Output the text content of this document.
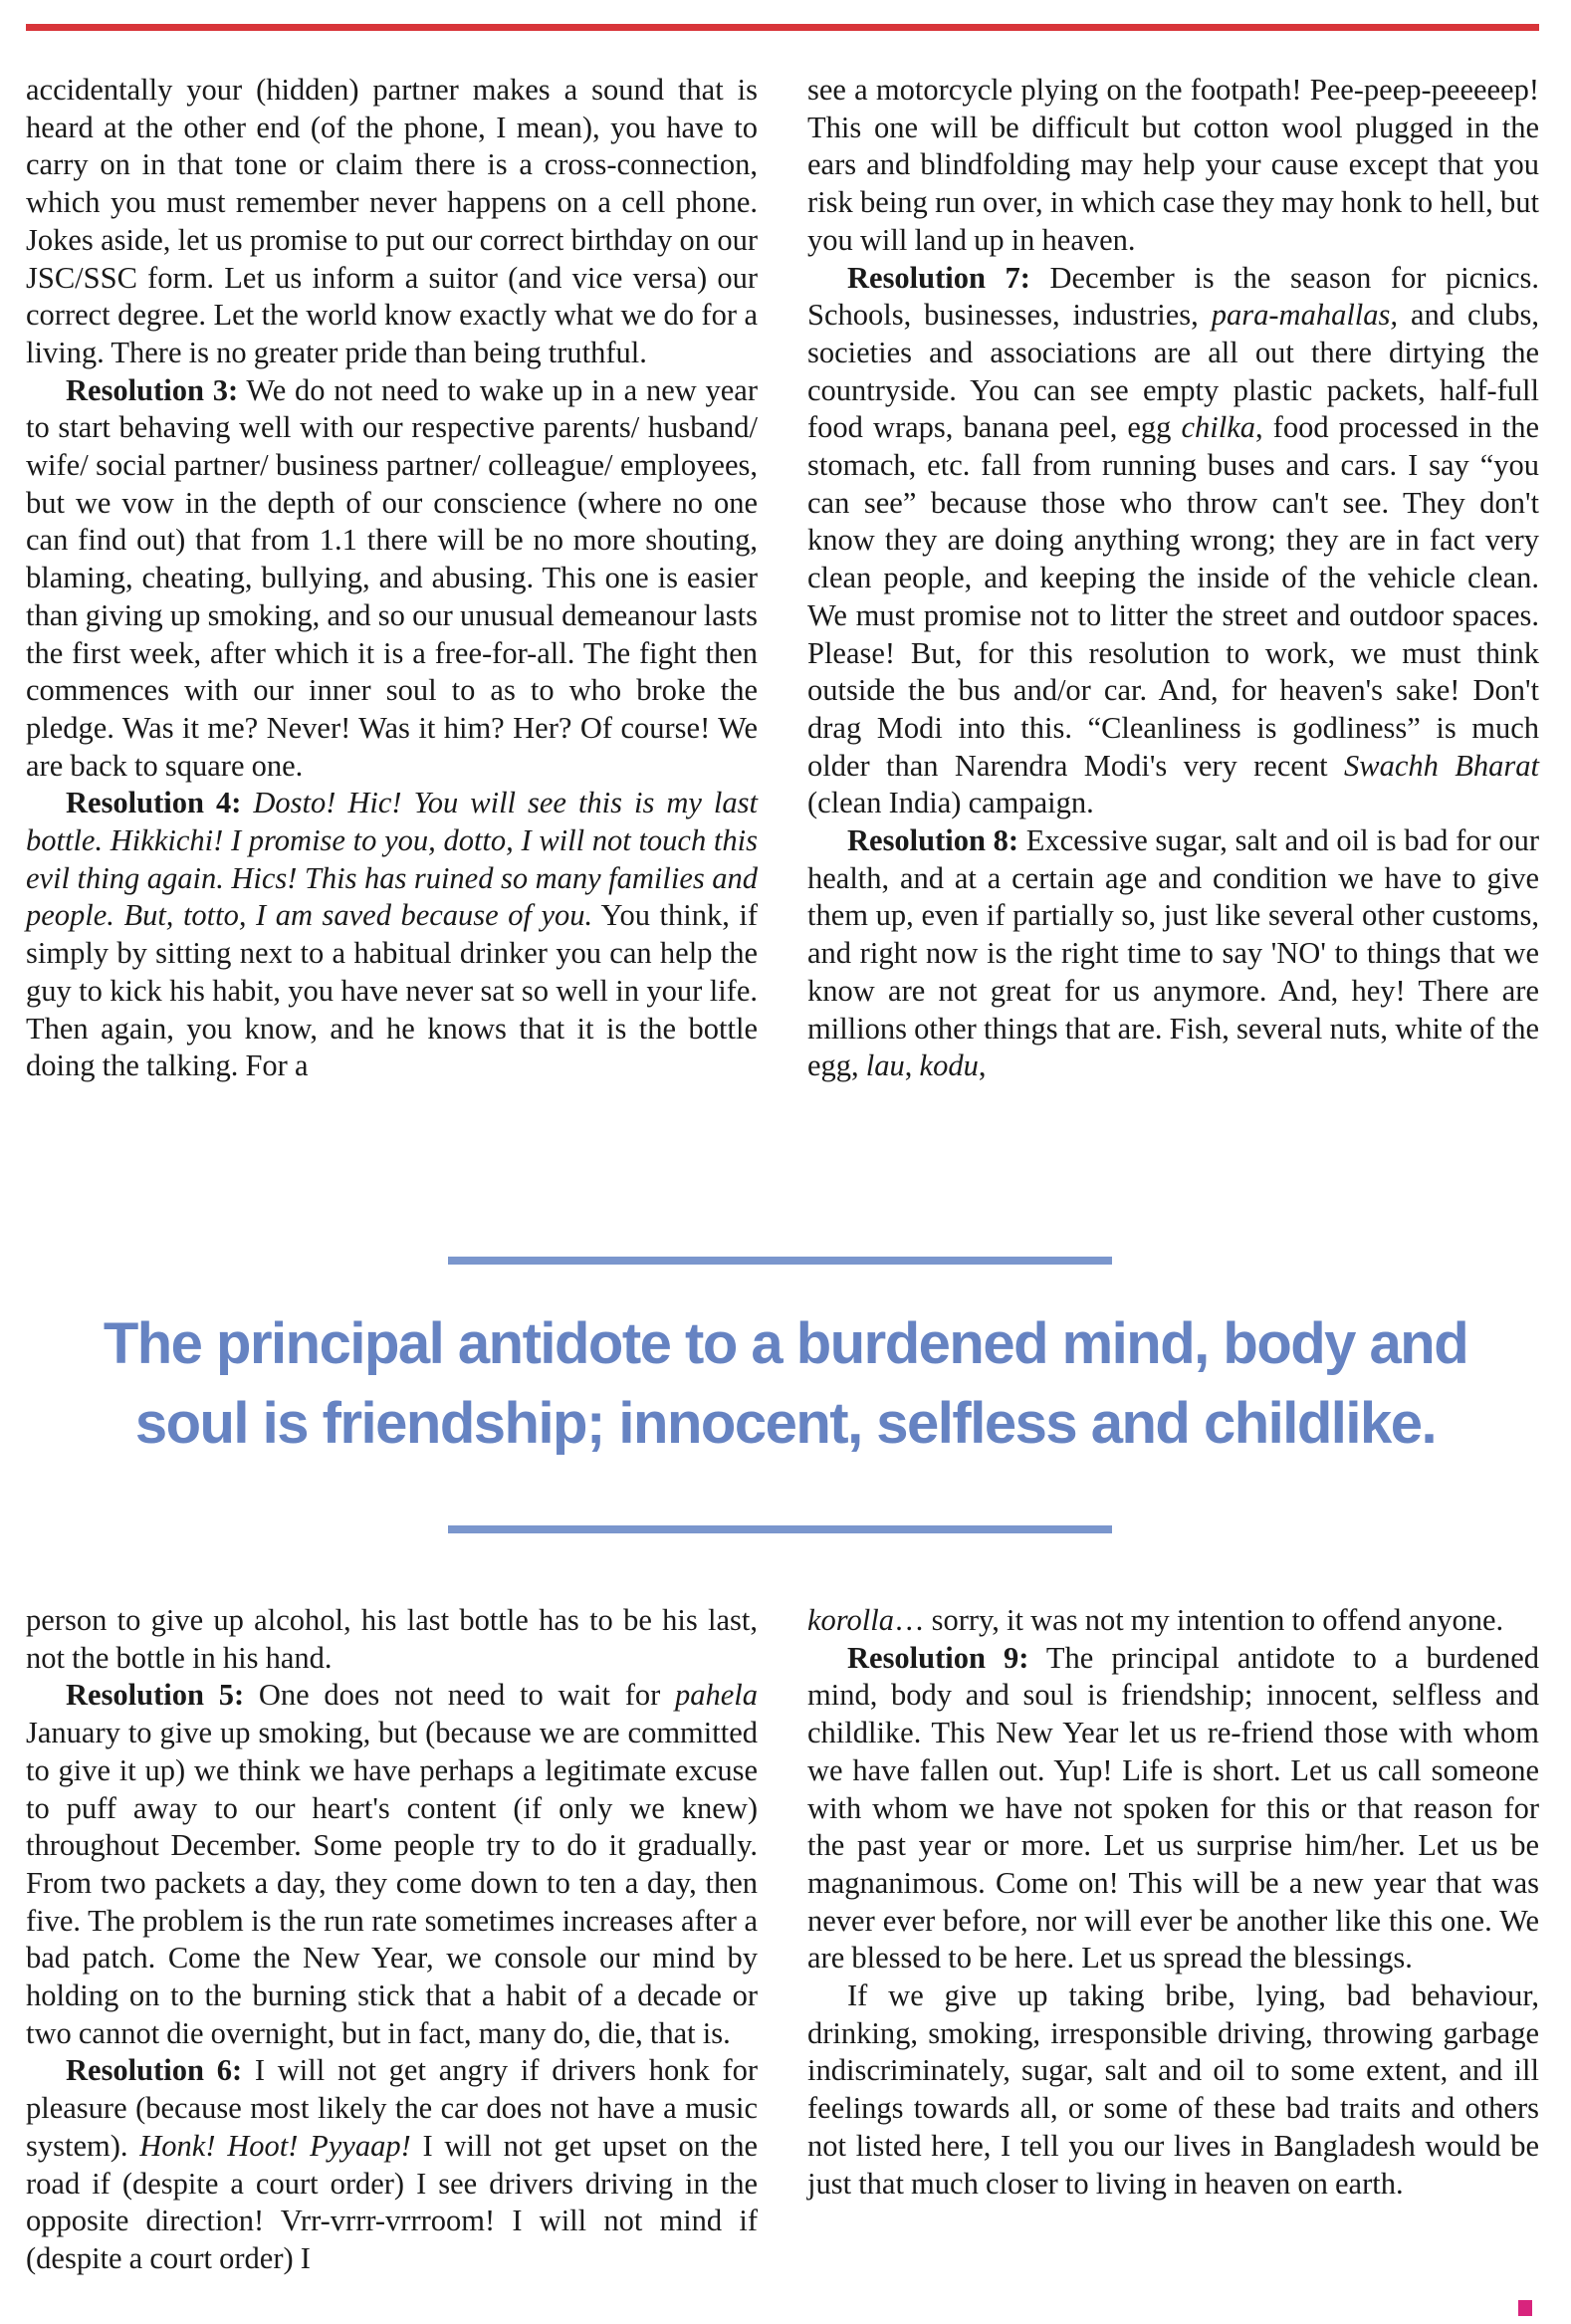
accidentally your (hidden) partner makes a sound that is heard at the other end (of the phone, I mean), you have to carry on in that tone or claim there is a cross-connection, which you must remember never happens on a cell phone. Jokes aside, let us promise to put our correct birthday on our JSC/SSC form. Let us inform a suitor (and vice versa) our correct degree. Let the world know exactly what we do for a living. There is no greater pride than being truthful.

Resolution 3: We do not need to wake up in a new year to start behaving well with our respective parents/ husband/ wife/ social partner/ business partner/ colleague/ employees, but we vow in the depth of our conscience (where no one can find out) that from 1.1 there will be no more shouting, blaming, cheating, bullying, and abusing. This one is easier than giving up smoking, and so our unusual demeanour lasts the first week, after which it is a free-for-all. The fight then commences with our inner soul to as to who broke the pledge. Was it me? Never! Was it him? Her? Of course! We are back to square one.

Resolution 4: Dosto! Hic! You will see this is my last bottle. Hikkichi! I promise to you, dotto, I will not touch this evil thing again. Hics! This has ruined so many families and people. But, totto, I am saved because of you. You think, if simply by sitting next to a habitual drinker you can help the guy to kick his habit, you have never sat so well in your life. Then again, you know, and he knows that it is the bottle doing the talking. For a

see a motorcycle plying on the footpath! Pee-peep-peeeeep! This one will be difficult but cotton wool plugged in the ears and blindfolding may help your cause except that you risk being run over, in which case they may honk to hell, but you will land up in heaven.

Resolution 7: December is the season for picnics. Schools, businesses, industries, para-mahallas, and clubs, societies and associations are all out there dirtying the countryside. You can see empty plastic packets, half-full food wraps, banana peel, egg chilka, food processed in the stomach, etc. fall from running buses and cars. I say “you can see” because those who throw can't see. They don't know they are doing anything wrong; they are in fact very clean people, and keeping the inside of the vehicle clean. We must promise not to litter the street and outdoor spaces. Please! But, for this resolution to work, we must think outside the bus and/or car. And, for heaven's sake! Don't drag Modi into this. “Cleanliness is godliness” is much older than Narendra Modi's very recent Swachh Bharat (clean India) campaign.

Resolution 8: Excessive sugar, salt and oil is bad for our health, and at a certain age and condition we have to give them up, even if partially so, just like several other customs, and right now is the right time to say 'NO' to things that we know are not great for us anymore. And, hey! There are millions other things that are. Fish, several nuts, white of the egg, lau, kodu,

The principal antidote to a burdened mind, body and
soul is friendship; innocent, selfless and childlike.

person to give up alcohol, his last bottle has to be his last, not the bottle in his hand.

Resolution 5: One does not need to wait for pahela January to give up smoking, but (because we are committed to give it up) we think we have perhaps a legitimate excuse to puff away to our heart's content (if only we knew) throughout December. Some people try to do it gradually. From two packets a day, they come down to ten a day, then five. The problem is the run rate sometimes increases after a bad patch. Come the New Year, we console our mind by holding on to the burning stick that a habit of a decade or two cannot die overnight, but in fact, many do, die, that is.

Resolution 6: I will not get angry if drivers honk for pleasure (because most likely the car does not have a music system). Honk! Hoot! Pyyaap! I will not get upset on the road if (despite a court order) I see drivers driving in the opposite direction! Vrr-vrrr-vrrroom! I will not mind if (despite a court order) I

korolla… sorry, it was not my intention to offend anyone.

Resolution 9: The principal antidote to a burdened mind, body and soul is friendship; innocent, selfless and childlike. This New Year let us re-friend those with whom we have fallen out. Yup! Life is short. Let us call someone with whom we have not spoken for this or that reason for the past year or more. Let us surprise him/her. Let us be magnanimous. Come on! This will be a new year that was never ever before, nor will ever be another like this one. We are blessed to be here. Let us spread the blessings.

If we give up taking bribe, lying, bad behaviour, drinking, smoking, irresponsible driving, throwing garbage indiscriminately, sugar, salt and oil to some extent, and ill feelings towards all, or some of these bad traits and others not listed here, I tell you our lives in Bangladesh would be just that much closer to living in heaven on earth.
